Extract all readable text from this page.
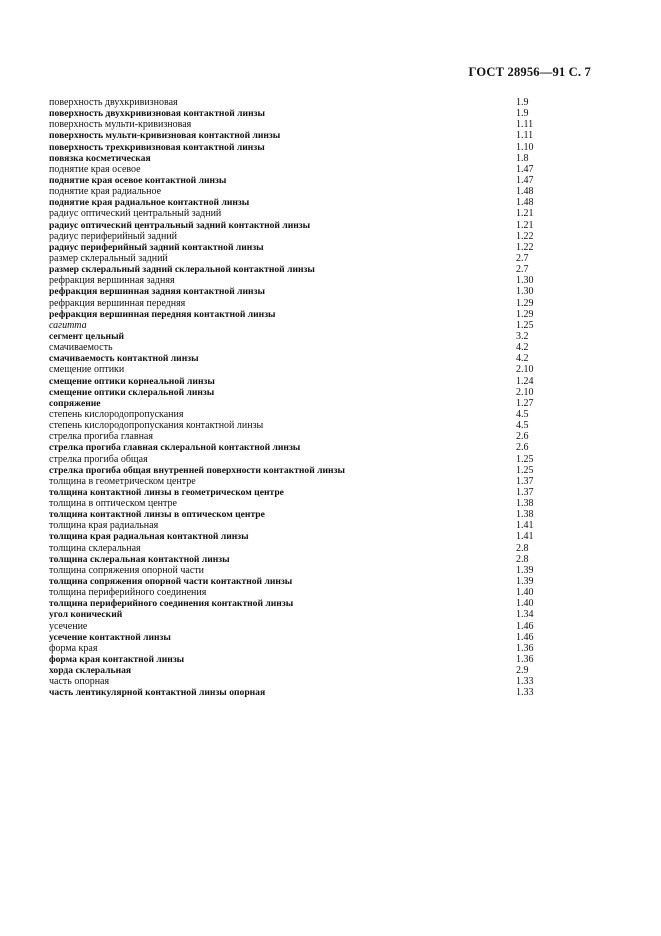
ГОСТ 28956—91 С. 7
поверхность двухкривизновая	1.9
поверхность двухкривизновая контактной линзы	1.9
поверхность мульти-кривизновая	1.11
поверхность мульти-кривизновая контактной линзы	1.11
поверхность трехкривизновая контактной линзы	1.10
повязка косметическая	1.8
поднятие края осевое	1.47
поднятие края осевое контактной линзы	1.47
поднятие края радиальное	1.48
поднятие края радиальное контактной линзы	1.48
радиус оптический центральный задний	1.21
радиус оптический центральный задний контактной линзы	1.21
радиус периферийный задний	1.22
радиус периферийный задний контактной линзы	1.22
размер склеральный задний	2.7
размер склеральный задний склеральной контактной линзы	2.7
рефракция вершинная задняя	1.30
рефракция вершинная задняя контактной линзы	1.30
рефракция вершинная передняя	1.29
рефракция вершинная передняя контактной линзы	1.29
сагитта	1.25
сегмент цельный	3.2
смачиваемость	4.2
смачиваемость контактной линзы	4.2
смещение оптики	2.10
смещение оптики корнеальной линзы	1.24
смещение оптики склеральной линзы	2.10
сопряжение	1.27
степень кислородопропускания	4.5
степень кислородопропускания контактной линзы	4.5
стрелка прогиба главная	2.6
стрелка прогиба главная склеральной контактной линзы	2.6
стрелка прогиба общая	1.25
стрелка прогиба общая внутренней поверхности контактной линзы	1.25
толщина в геометрическом центре	1.37
толщина контактной линзы в геометрическом центре	1.37
толщина в оптическом центре	1.38
толщина контактной линзы в оптическом центре	1.38
толщина края радиальная	1.41
толщина края радиальная контактной линзы	1.41
толщина склеральная	2.8
толщина склеральная контактной линзы	2.8
толщина сопряжения опорной части	1.39
толщина сопряжения опорной части контактной линзы	1.39
толщина периферийного соединения	1.40
толщина периферийного соединения контактной линзы	1.40
угол конический	1.34
усечение	1.46
усечение контактной линзы	1.46
форма края	1.36
форма края контактной линзы	1.36
хорда склеральная	2.9
часть опорная	1.33
часть лентикулярной контактной линзы опорная	1.33
